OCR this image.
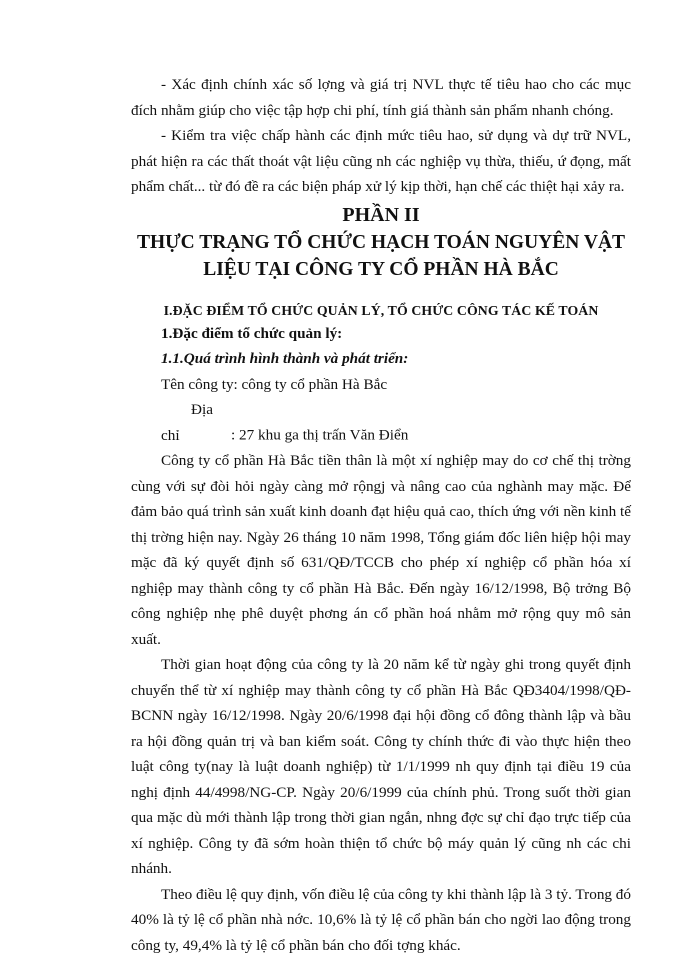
- Xác định chính xác số lợng và giá trị NVL thực tế tiêu hao cho các mục đích nhằm giúp cho việc tập hợp chi phí, tính giá thành sản phẩm nhanh chóng.

- Kiểm tra việc chấp hành các định mức tiêu hao, sử dụng và dự trữ NVL, phát hiện ra các thất thoát vật liệu cũng nh các nghiệp vụ thừa, thiếu, ứ đọng, mất phẩm chất... từ đó đề ra các biện pháp xử lý kịp thời, hạn chế các thiệt hại xảy ra.

PHẦN II
THỰC TRẠNG TỔ CHỨC HẠCH TOÁN NGUYÊN VẬT
LIỆU TẠI CÔNG TY CỔ PHẦN HÀ BẮC
I.ĐẶC ĐIỂM TỔ CHỨC QUẢN LÝ, TỔ CHỨC CÔNG TÁC KẾ TOÁN

1.Đặc điểm tổ chức quản lý:

1.1.Quá trình hình thành và phát triển:

Tên công ty: công ty cổ phần Hà Bắc

Địa chỉ	: 27 khu ga thị trấn Văn Điển

Công ty cổ phần Hà Bắc tiền thân là một xí nghiệp may do cơ chế thị trờng cùng với sự đòi hỏi ngày càng mở rộngj và nâng cao của nghành may mặc. Để đảm bảo quá trình sản xuất kinh doanh đạt hiệu quả cao, thích ứng với nền kinh tế thị trờng hiện nay. Ngày 26 tháng 10 năm 1998, Tổng giám đốc liên hiệp hội may mặc đã ký quyết định số 631/QĐ/TCCB cho phép xí nghiệp cổ phần hóa xí nghiệp may thành công ty cổ phần Hà Bắc. Đến ngày 16/12/1998, Bộ trởng Bộ công nghiệp nhẹ phê duyệt phơng án cổ phần hoá nhằm mở rộng quy mô sản xuất.

Thời gian hoạt động của công ty là 20 năm kể từ ngày ghi trong quyết định chuyển thể từ xí nghiệp may thành công ty cổ phần Hà Bắc QĐ3404/1998/QĐ-BCNN ngày 16/12/1998. Ngày 20/6/1998 đại hội đồng cổ đông thành lập và bầu ra hội đồng quản trị và ban kiểm soát. Công ty chính thức đi vào thực hiện theo luật công ty(nay là luật doanh nghiệp) từ 1/1/1999 nh quy định tại điều 19 của nghị định 44/4998/NG-CP. Ngày 20/6/1999 của chính phủ. Trong suốt thời gian qua mặc dù mới thành lập trong thời gian ngắn, nhng đợc sự chỉ đạo trực tiếp của xí nghiệp. Công ty đã sớm hoàn thiện tổ chức bộ máy quản lý cũng nh các chi nhánh.

Theo điều lệ quy định, vốn điều lệ của công ty khi thành lập là 3 tỷ. Trong đó 40% là tỷ lệ cổ phần nhà nớc. 10,6% là tỷ lệ cổ phần bán cho ngời lao động trong công ty, 49,4% là tỷ lệ cổ phần bán cho đối tợng khác.
